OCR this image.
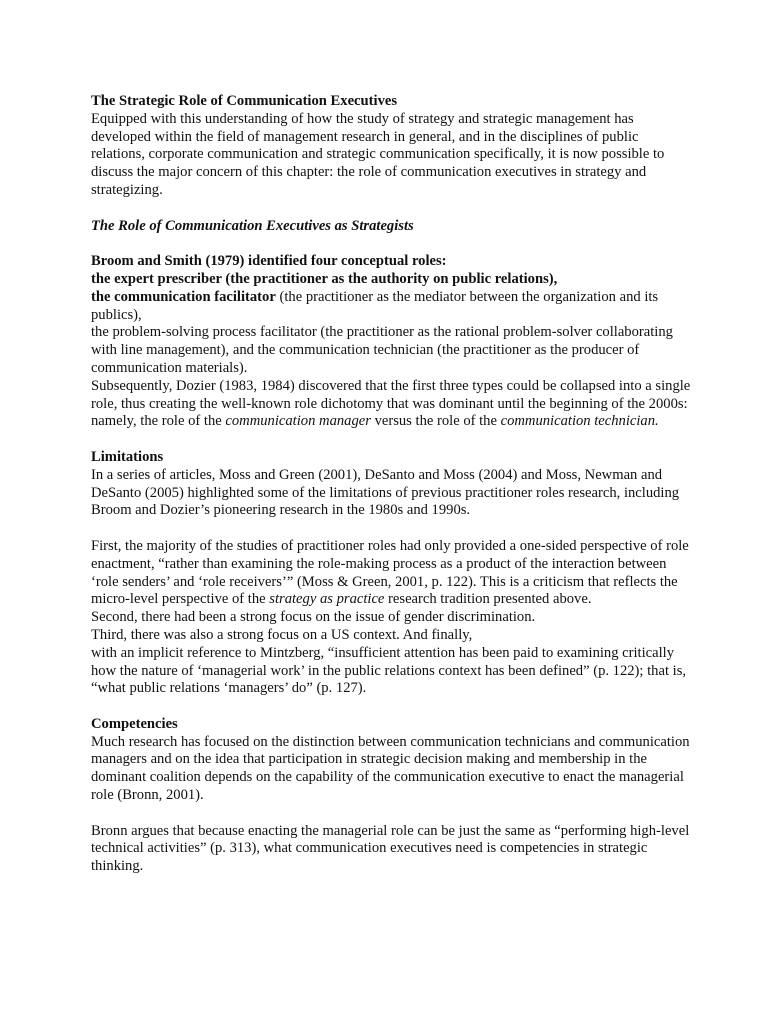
The Strategic Role of Communication Executives
Equipped with this understanding of how the study of strategy and strategic management has developed within the field of management research in general, and in the disciplines of public relations, corporate communication and strategic communication specifically, it is now possible to discuss the major concern of this chapter: the role of communication executives in strategy and strategizing.
The Role of Communication Executives as Strategists
Broom and Smith (1979) identified four conceptual roles:
the expert prescriber (the practitioner as the authority on public relations),
the communication facilitator (the practitioner as the mediator between the organization and its publics),
the problem-solving process facilitator (the practitioner as the rational problem-solver collaborating with line management), and the communication technician (the practitioner as the producer of communication materials).
Subsequently, Dozier (1983, 1984) discovered that the first three types could be collapsed into a single role, thus creating the well-known role dichotomy that was dominant until the beginning of the 2000s: namely, the role of the communication manager versus the role of the communication technician.
Limitations
In a series of articles, Moss and Green (2001), DeSanto and Moss (2004) and Moss, Newman and DeSanto (2005) highlighted some of the limitations of previous practitioner roles research, including Broom and Dozier’s pioneering research in the 1980s and 1990s.
First, the majority of the studies of practitioner roles had only provided a one-sided perspective of role enactment, “rather than examining the role-making process as a product of the interaction between ‘role senders’ and ‘role receivers’” (Moss & Green, 2001, p. 122). This is a criticism that reflects the micro-level perspective of the strategy as practice research tradition presented above.
Second, there had been a strong focus on the issue of gender discrimination.
Third, there was also a strong focus on a US context. And finally,
with an implicit reference to Mintzberg, “insufficient attention has been paid to examining critically how the nature of ‘managerial work’ in the public relations context has been defined” (p. 122); that is, “what public relations ‘managers’ do” (p. 127).
Competencies
Much research has focused on the distinction between communication technicians and communication managers and on the idea that participation in strategic decision making and membership in the dominant coalition depends on the capability of the communication executive to enact the managerial role (Bronn, 2001).
Bronn argues that because enacting the managerial role can be just the same as “performing high-level technical activities” (p. 313), what communication executives need is competencies in strategic thinking.
